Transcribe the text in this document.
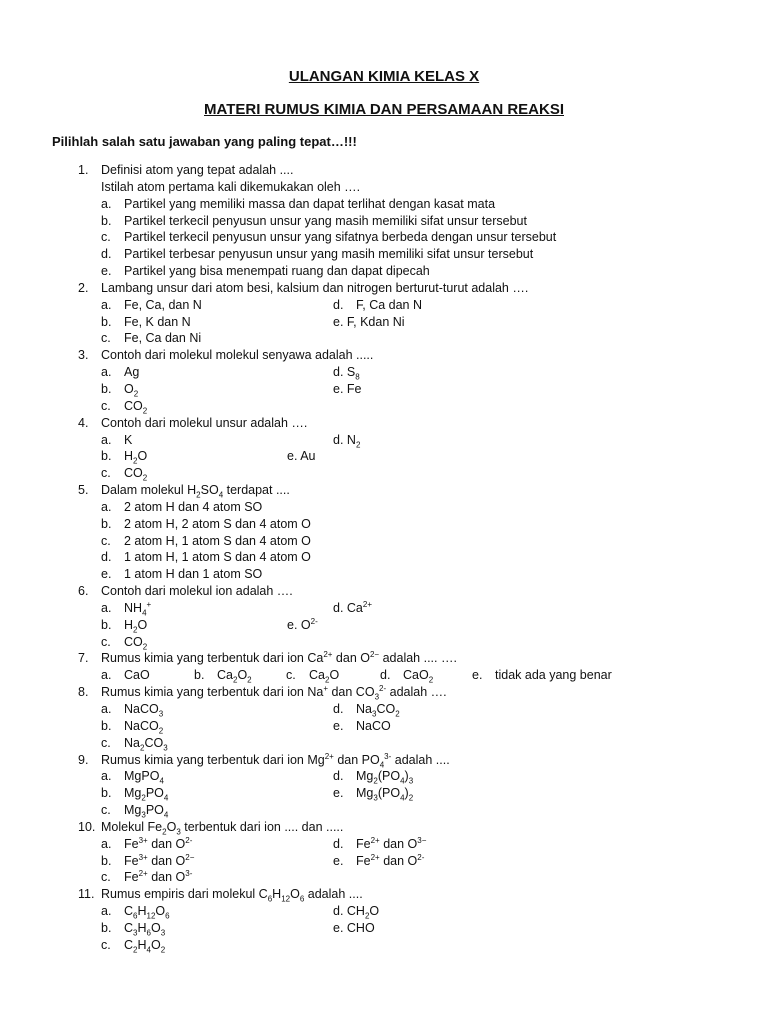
ULANGAN KIMIA KELAS X
MATERI RUMUS KIMIA DAN PERSAMAAN REAKSI
Pilihlah salah satu jawaban yang paling tepat…!!!
1. Definisi atom yang tepat adalah ....
Istilah atom pertama kali dikemukakan oleh ….
a. Partikel yang memiliki massa dan dapat terlihat dengan kasat mata
b. Partikel terkecil penyusun unsur yang masih memiliki sifat unsur tersebut
c. Partikel terkecil penyusun unsur yang sifatnya berbeda dengan unsur tersebut
d. Partikel terbesar penyusun unsur yang masih memiliki sifat unsur tersebut
e. Partikel yang bisa menempati ruang dan dapat dipecah
2. Lambang unsur dari atom besi, kalsium dan nitrogen berturut-turut adalah ….
a. Fe, Ca, dan N	d. F, Ca dan N
b. Fe, K dan N	e. F, Kdan Ni
c. Fe, Ca dan Ni
3. Contoh dari molekul molekul senyawa adalah .....
a. Ag	d. $S_8$
b. $O_2$	e. Fe
c. $CO_2$
4. Contoh dari molekul unsur adalah ….
a. K	d. $N_2$
b. $H_2O$	e. Au
c. $CO_2$
5. Dalam molekul $H_2SO_4$ terdapat ....
a. 2 atom H dan 4 atom SO
b. 2 atom H, 2 atom S dan 4 atom O
c. 2 atom H, 1 atom S dan 4 atom O
d. 1 atom H, 1 atom S dan 4 atom O
e. 1 atom H dan 1 atom SO
6. Contoh dari molekul ion adalah ….
a. $NH_4^+$	d. $Ca^{2+}$
b. $H_2O$	e. $O^{2-}$
c. $CO_2$
7. Rumus kimia yang terbentuk dari ion $Ca^{2+}$ dan $O^{2-}$ adalah .... ….
a. CaO	b. $Ca_2O_2$	c. $Ca_2O$	d. CaO$_2$	e. tidak ada yang benar
8. Rumus kimia yang terbentuk dari ion Na+ dan $CO_3^{2-}$ adalah ….
a. NaCO$_3$	d. $Na_3CO_2$
b. NaCO$_2$	e. NaCO
c. $Na_2CO_3$
9. Rumus kimia yang terbentuk dari ion $Mg^{2+}$ dan $PO_4^{3-}$ adalah ....
a. MgPO$_4$	d. $Mg_2(PO_4)_3$
b. $Mg_2PO_4$	e. $Mg_3(PO_4)_2$
c. $Mg_3PO_4$
10. Molekul $Fe_2O_3$ terbentuk dari ion .... dan .....
a. $Fe^{3+}$ dan $O^{2-}$	d. $Fe^{2+}$ dan $O^{3-}$
b. $Fe^{3+}$ dan $O^{2-}$	e. $Fe^{2+}$ dan $O^{2-}$
c. $Fe^{2+}$ dan $O^{3-}$
11. Rumus empiris dari molekul $C_6H_{12}O_6$ adalah ....
a. $C_6H_{12}O_6$	d. $CH_2O$
b. $C_3H_6O_3$	e. CHO
c. $C_2H_4O_2$
